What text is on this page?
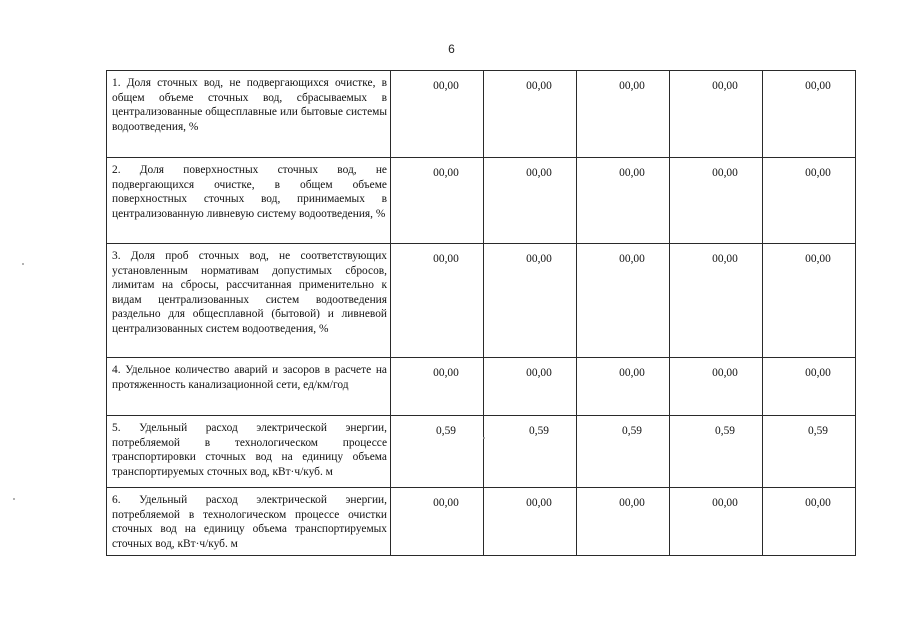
6
1. Доля сточных вод, не подвергающихся очистке, в общем объеме сточных вод, сбрасываемых в централизованные общесплавные или бытовые системы водоотведения, %	00,00	00,00	00,00	00,00	00,00
2. Доля поверхностных сточных вод, не подвергающихся очистке, в общем объеме поверхностных сточных вод, принимаемых в централизованную ливневую систему водоотведения, %	00,00	00,00	00,00	00,00	00,00
3. Доля проб сточных вод, не соответствующих установленным нормативам допустимых сбросов, лимитам на сбросы, рассчитанная применительно к видам централизованных систем водоотведения раздельно для общесплавной (бытовой) и ливневой централизованных систем водоотведения, %	00,00	00,00	00,00	00,00	00,00
4. Удельное количество аварий и засоров в расчете на протяженность канализационной сети, ед/км/год	00,00	00,00	00,00	00,00	00,00
5. Удельный расход электрической энергии, потребляемой в технологическом процессе транспортировки сточных вод на единицу объема транспортируемых сточных вод, кВт·ч/куб. м	0,59	0,59	0,59	0,59	0,59
6. Удельный расход электрической энергии, потребляемой в технологическом процессе очистки сточных вод на единицу объема транспортируемых сточных вод, кВт·ч/куб. м	00,00	00,00	00,00	00,00	00,00
